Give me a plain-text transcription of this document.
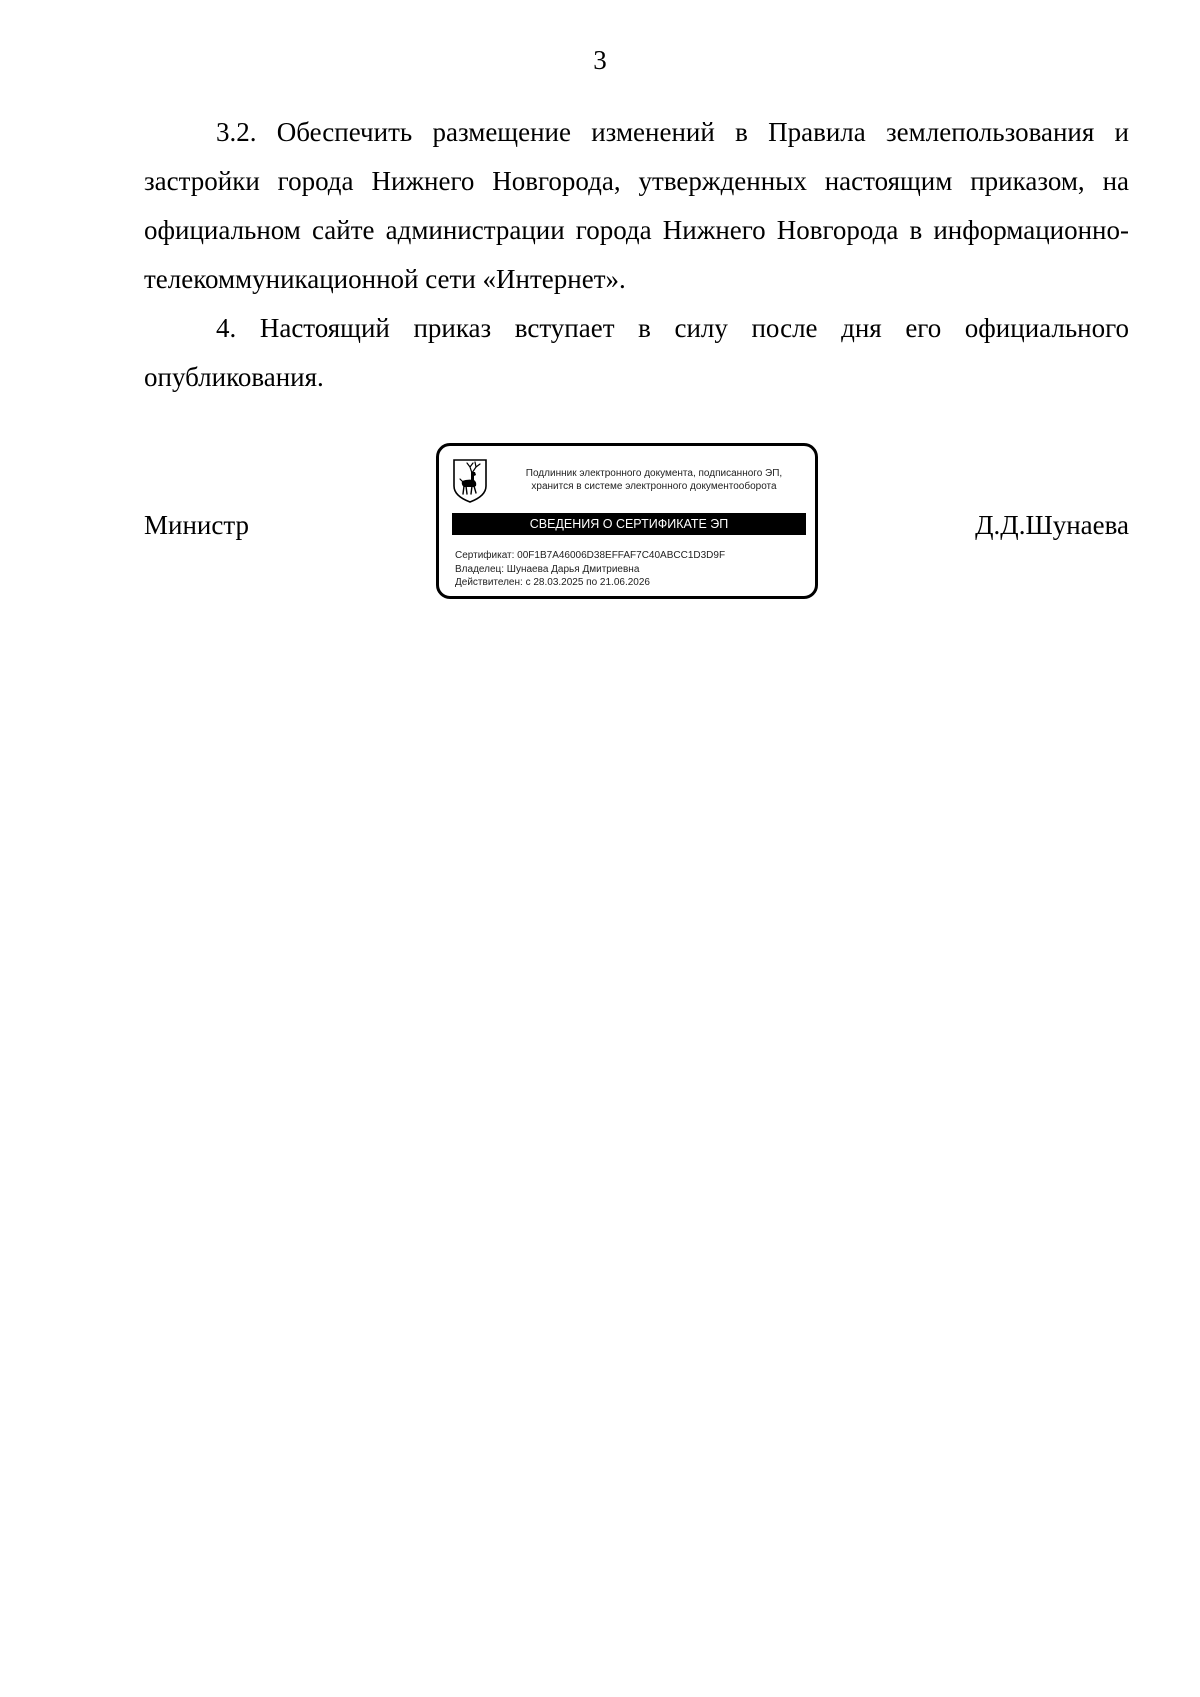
3

3.2. Обеспечить размещение изменений в Правила землепользования и застройки города Нижнего Новгорода, утвержденных настоящим приказом, на официальном сайте администрации города Нижнего Новгорода в информационно-телекоммуникационной сети «Интернет».

4. Настоящий приказ вступает в силу после дня его официального опубликования.

Министр	Д.Д.Шунаева
Подлинник электронного документа, подписанного ЭП,
хранится в системе электронного документооборота
СВЕДЕНИЯ О СЕРТИФИКАТЕ ЭП
Сертификат: 00F1B7A46006D38EFFAF7C40ABCC1D3D9F
Владелец: Шунаева Дарья Дмитриевна
Действителен: с 28.03.2025 по 21.06.2026
